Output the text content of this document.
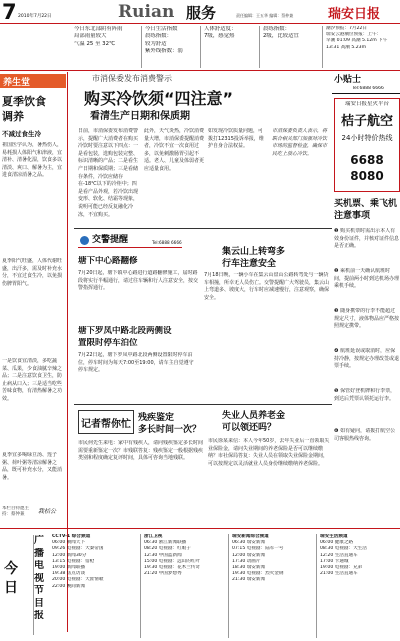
7 2010年7月22日	Ruian 服务	责任编辑：王五华 编辑：蔡仲兼	瑞安日报
今日东北部阴有阵雨
局部雨量较大
气温 25 至 32℃
今日生活指数
晨练指数：
较为舒适
紫外线指数：弱
人体舒适度：
7级，感觉热
晨练指数：
2级，比较适宜
潮汐预报：7月22日
瑞安云港潮位预报：上午：
早潮 01:09 高潮 5.12m 下午
13:31 高潮 5.23m
养生堂
夏季饮食
调养
不减过食生冷
祖国医学认为，暑热伤人，易耗损人体阳气和津液，宜清补、清暑化湿，饮食多以清淡、爽口、解暑为主，宜进食清凉消暑之品。
夏季阳气旺盛，人体代谢旺盛，出汗多，需及时补充水分，不宜过食生冷，以免损伤脾胃阳气。
一是饮食宜清淡，多吃蔬菜、瓜果，少食油腻辛辣之品；二是注意饮食卫生，防止病从口入；三是适当吃些苦味食物，有清热解暑之功效。
夏季宜多喝绿豆汤、莲子粥、荷叶粥等清凉解暑之品，既可补充水分，又能消暑。
本栏目特邀主持：蔡仲兼	栽桔公
市消保委发布消费警示
购买冷饮须“四注意”
看清生产日期和保质期
日前，市消保委发布消费警示，提醒广大消费者在购买冷饮时要注意以下四点：一是看包装，选购包装完整、标识清晰的产品；二是看生产日期和保质期；三是看储存条件，冷饮应储存在-18℃以下的冷柜中；四是看产品外观，若冷饮出现变形、软化、结霜等现象，说明可能已经反复融化冷冻，不宜购买。
此外，天气炎热，冷饮消费量大增，市消保委提醒消费者，冷饮不宜一次食用过多，以免刺激肠胃引起不适。老人、儿童及体弱者更应适量食用。
如发现冷饮质量问题，可拨打12315投诉举报，维护自身合法权益。
市消保委负责人表示，将联合相关部门加强对冷饮市场的监督检查，确保市民吃上放心冷饮。
小贴士
Tel:6888 6666
瑞安日报星火平台
桔子航空
24小时特价热线
6688 8080
买机票、乘飞机
注意事项
❶ 购买机票时需出示本人有效身份证件，并核对证件信息是否正确。
❷ 乘机前一天确认航班时间，提前两小时到达机场办理乘机手续。
❸ 随身携带的行李不能超过规定尺寸，液体物品应严格按照规定携带。
❹ 航班延误或取消时，应保持冷静，按规定办理改签或退票手续。
❺ 保管好登机牌和行李票，到达后凭票认领托运行李。
❻ 如有疑问，请拨打航空公司客服热线咨询。
交警提醒	Tel:6888 6666
塘下中心路翻修
7月20日起，塘下镇中心路进行道路翻修施工，届时路段将实行半幅通行，请过往车辆和行人注意安全，按交警指挥通行。
塘下罗凤中路北段两侧设
置限时停车泊位
7月22日起，塘下罗凤中路北段两侧设置限时停车泊位，停车时间为每天7:00至19:00，请车主自觉遵守停车规定。
集云山上转弯多
行车注意安全
7月18日晚，一辆小车在集云山盘山公路转弯处与一辆货车相撞，所幸无人员伤亡。交警提醒广大驾驶员，集云山上弯道多、坡度大，行车时应减速慢行，注意观察，确保安全。
记者帮你忙
残疾鉴定
多长时间一次？
市民何先生来电：家中有残疾人，请问残疾鉴定多长时间需要重新鉴定一次？市残联答复：残疾鉴定一般根据残疾类别和程度确定复评时间，具体可咨询当地残联。
失业人员养老金
可以领还吗？
市民徐某来信：本人今年50岁，去年失业后一直领取失业保险金，请问失业期间的养老保险是否可以继续缴纳？市社保局答复：失业人员在领取失业保险金期间，可以按规定以灵活就业人员身份继续缴纳养老保险。
今日
广
播
电
视
节
目
报
CCTV-1 综合频道
06:00 朝闻天下
09:26 电视剧：大秦帝国
12:00 新闻30分
13:15 电视剧：借枪
19:00 新闻联播
19:38 焦点访谈
20:00 电视剧：天涯情歌
22:00 晚间新闻
浙江卫视
06:30 浙江新闻联播
08:20 电视剧：红娘子
12:30 中国蓝新闻
15:00 电视剧：远山的红叶
19:30 电视剧：花木兰传奇
21:20 中国梦想秀
瑞安新闻综合频道
06:30 瑞安新闻
07:15 电视剧：陆军一号
12:00 瑞安新闻
17:30 动画片
18:30 瑞安新闻
19:30 电视剧：烈火金钢
21:30 瑞安新闻
瑞安生活频道
06:00 健康之路
08:30 电视剧：大生活
12:20 生活直通车
17:00 卡通城
19:00 电视剧：兄弟
21:00 生活直通车
